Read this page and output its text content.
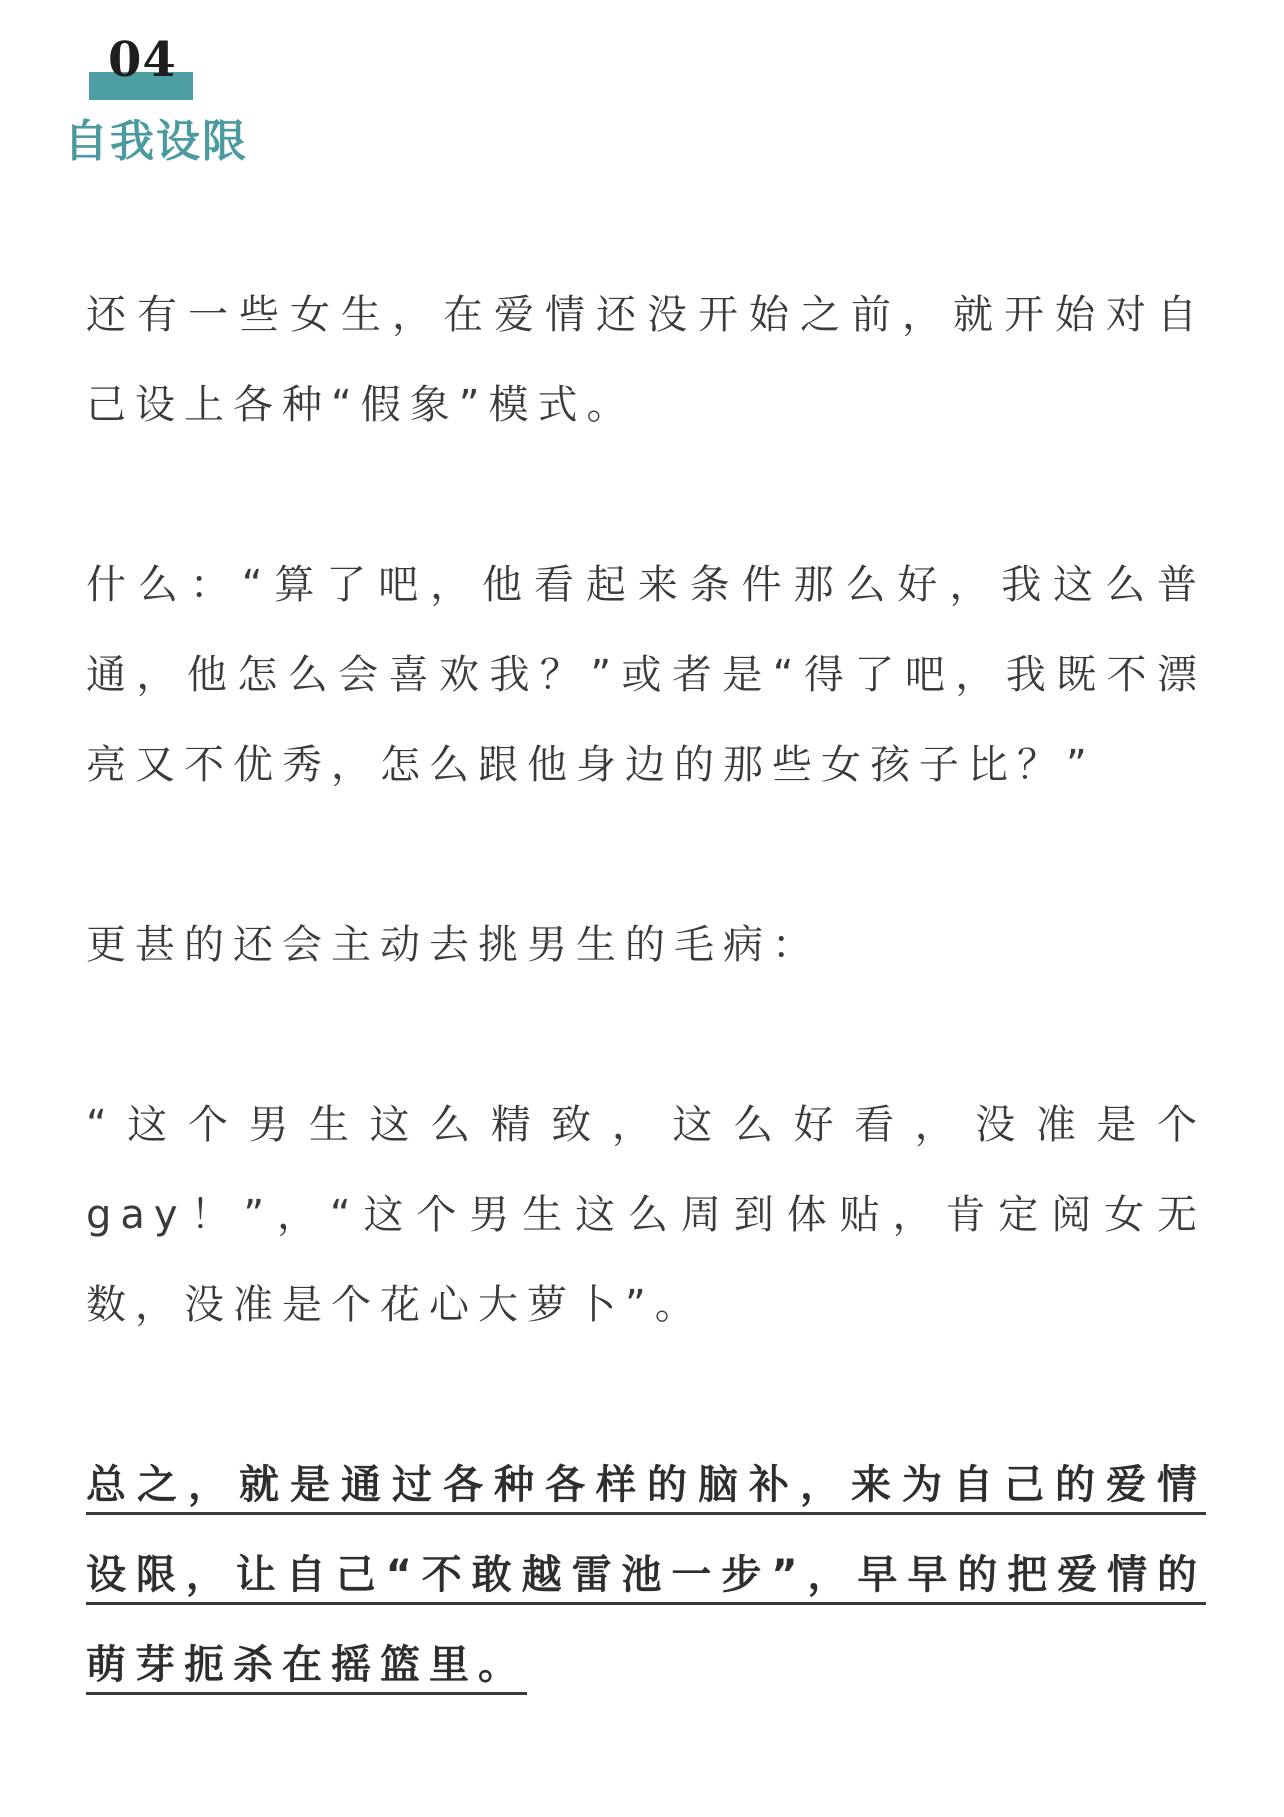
04
自我设限

还有一些女生，在爱情还没开始之前，就开始对自己设上各种“假象”模式。

什么：“算了吧，他看起来条件那么好，我这么普通，他怎么会喜欢我？”或者是“得了吧，我既不漂亮又不优秀，怎么跟他身边的那些女孩子比？”

更甚的还会主动去挑男生的毛病：

“这个男生这么精致，这么好看，没准是个gay！”，“这个男生这么周到体贴，肯定阅女无数，没准是个花心大萝卜”。

总之，就是通过各种各样的脑补，来为自己的爱情设限，让自己“不敢越雷池一步”，早早的把爱情的萌芽扼杀在摇篮里。
